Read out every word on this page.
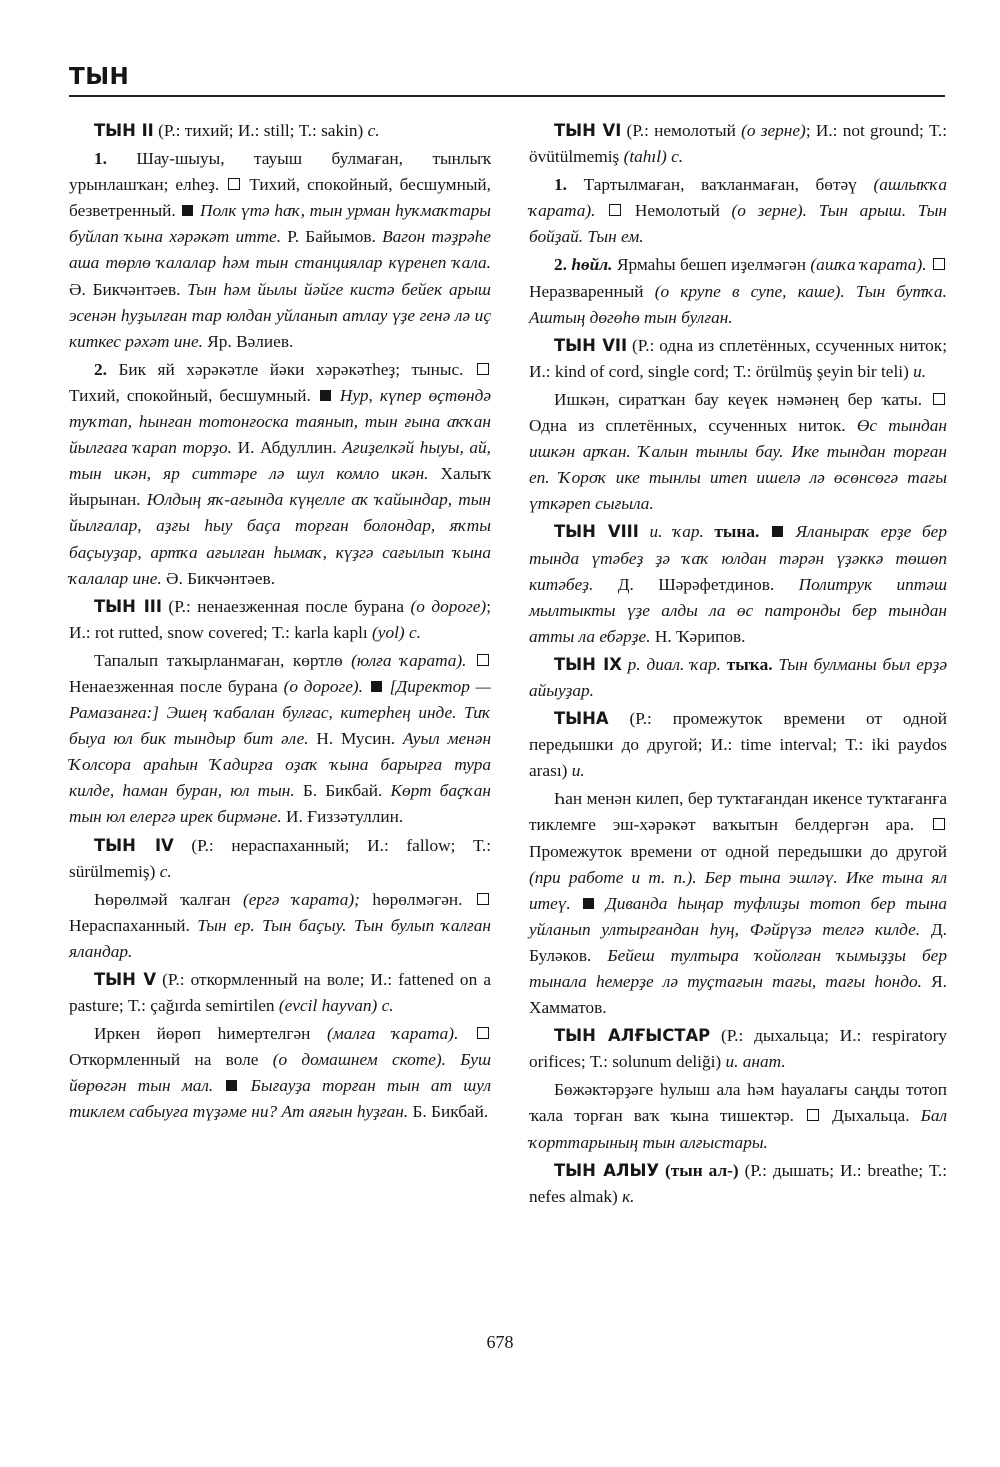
ТЫН

ТЫН II (Р.: тихий; И.: still; Т.: sakin) с.

1. Шау-шыуы, тауыш булмаған, тынлыҡ урынлашҡан; елһеҙ.  Тихий, спокойный, бесшумный, безветренный.  Полк үтә һаҡ, тын урман һуҡмаҡтары буйлап ҡына хәрәкәт итте. Р. Байымов. Вагон тәҙрәһе аша төрлө ҡалалар һәм тын станциялар күренеп ҡала. Ә. Бикчәнтәев. Тын һәм йылы йәйге кистә бейек арыш эсенән һуҙылған тар юлдан уйланып атлау үҙе генә лә иҫ киткес рәхәт ине. Яр. Вәлиев.

2. Бик яй хәрәкәтле йәки хәрәкәтһеҙ; тыныс.  Тихий, спокойный, бесшумный.  Нур, күпер өҫтөндә туҡтап, һынған тотонғоска таянып, тын ғына аҡҡан йылғаға ҡарап торҙо. И. Абдуллин. Ағиҙелкәй һыуы, ай, тын икән, яр ситтәре лә шул комло икән. Халыҡ йырынан. Юлдың яҡ-ағында күңелле аҡ ҡайындар, тын йылғалар, аҙғы һыу баҫа торған болондар, яҡты баҫыуҙар, артҡа ағылған һымаҡ, күҙгә сағылып ҡына ҡалалар ине. Ә. Бикчәнтәев.

ТЫН III (Р.: ненаезженная после бурана (о дороге); И.: rot rutted, snow covered; Т.: karla kaplı (yol) с.

Тапалып таҡырланмаған, көртлө (юлға ҡарата).  Ненаезженная после бурана (о дороге). [Директор — Рамазанға:] Эшең ҡабалан булғас, китерһең инде. Тиҡ быуа юл бик тындыр бит әле. Н. Мусин. Ауыл менән Ҡолсора араһын Ҡадирға оҙаҡ ҡына барырға тура килде, һаман буран, юл тын. Б. Бикбай. Көрт баҫҡан тын юл елергә ирек бирмәне. И. Ғиззәтуллин.

ТЫН IV (Р.: нераспаханный; И.: fallow; Т.: sürülmemiş) с.

Һөрөлмәй ҡалған (ергә ҡарата); һөрөлмәгән.  Нераспаханный. Тын ер. Тын баҫыу. Тын булып ҡалған яландар.

ТЫН V (Р.: откормленный на воле; И.: fattened on a pasture; Т.: çağırda semirtilen (evcil hayvan) с.

Иркен йөрөп һимертелгән (малға ҡарата).  Откормленный на воле (о домашнем скоте). Буш йөрөгән тын мал.  Бығауҙа торған тын ат шул тиклем сабыуға түҙәме ни? Ат аяғын һуҙған. Б. Бикбай.

ТЫН VI (Р.: немолотый (о зерне); И.: not ground; Т.: övütülmemiş (tahıl) с.

1. Тартылмаған, ваҡланмаған, бөтәү (ашлыҡҡа ҡарата).  Немолотый (о зерне). Тын арыш. Тын бойҙай. Тын ем.

2. һөйл. Ярмаһы бешеп иҙелмәгән (ашҡа ҡарата).  Неразваренный (о крупе в супе, каше). Тын бутҡа. Аштың дөгөһө тын булған.

ТЫН VII (Р.: одна из сплетённых, ссученных ниток; И.: kind of cord, single cord; Т.: örülmüş şeyin bir teli) и.

Ишкән, сиратҡан бау кеүек нәмәнең бер ҡаты.  Одна из сплетённых, ссученных ниток. Өс тындан ишкән арҡан. Ҡалын тынлы бау. Ике тындан торған еп. Ҡороҡ ике тынлы итеп ишелә лә өсөнсөгә тағы үткәреп сығыла.

ТЫН VIII и. ҡар. тына.  Яланыраҡ ерҙе бер тында үтәбеҙ ҙә ҡаҡ юлдан тәрән үҙәккә төшөп китәбеҙ. Д. Шәрәфетдинов. Политрук иптәш мылтыкты үҙе алды ла өс патронды бер тындан атты ла ебәрҙе. Н. Ҡәрипов.

ТЫН IX р. диал. ҡар. тыҡа. Тын булманы был ерҙә айыуҙар.

ТЫНА (Р.: промежуток времени от одной передышки до другой; И.: time interval; Т.: iki paydos arası) и.

Һан менән килеп, бер туҡтағандан икенсе туҡтағанға тиклемге эш-хәрәкәт ваҡытын белдергән ара.  Промежуток времени от одной передышки до другой (при работе и т. п.). Бер тына эшләү. Ике тына ял итеү. Диванда һыңар туфлиҙы тотоп бер тына уйланып ултырғандан һуң, Фәйрүзә телгә килде. Д. Буләков. Бейеш тултыра ҡойолған ҡымыҙҙы бер тынала һемерҙе лә туҫтағын тағы, тағы һондо. Я. Хамматов.

ТЫН АЛҒЫСТАР (Р.: дыхальца; И.: respiratory orifices; Т.: solunum deliği) и. анат.

Бөжәктәрҙәге һулыш ала һәм һауалағы саңды тотоп ҡала торған ваҡ ҡына тишектәр.  Дыхальца. Бал ҡорттарының тын алғыстары.

ТЫН АЛЫУ (тын ал-) (Р.: дышать; И.: breathe; Т.: nefes almak) к.

678
